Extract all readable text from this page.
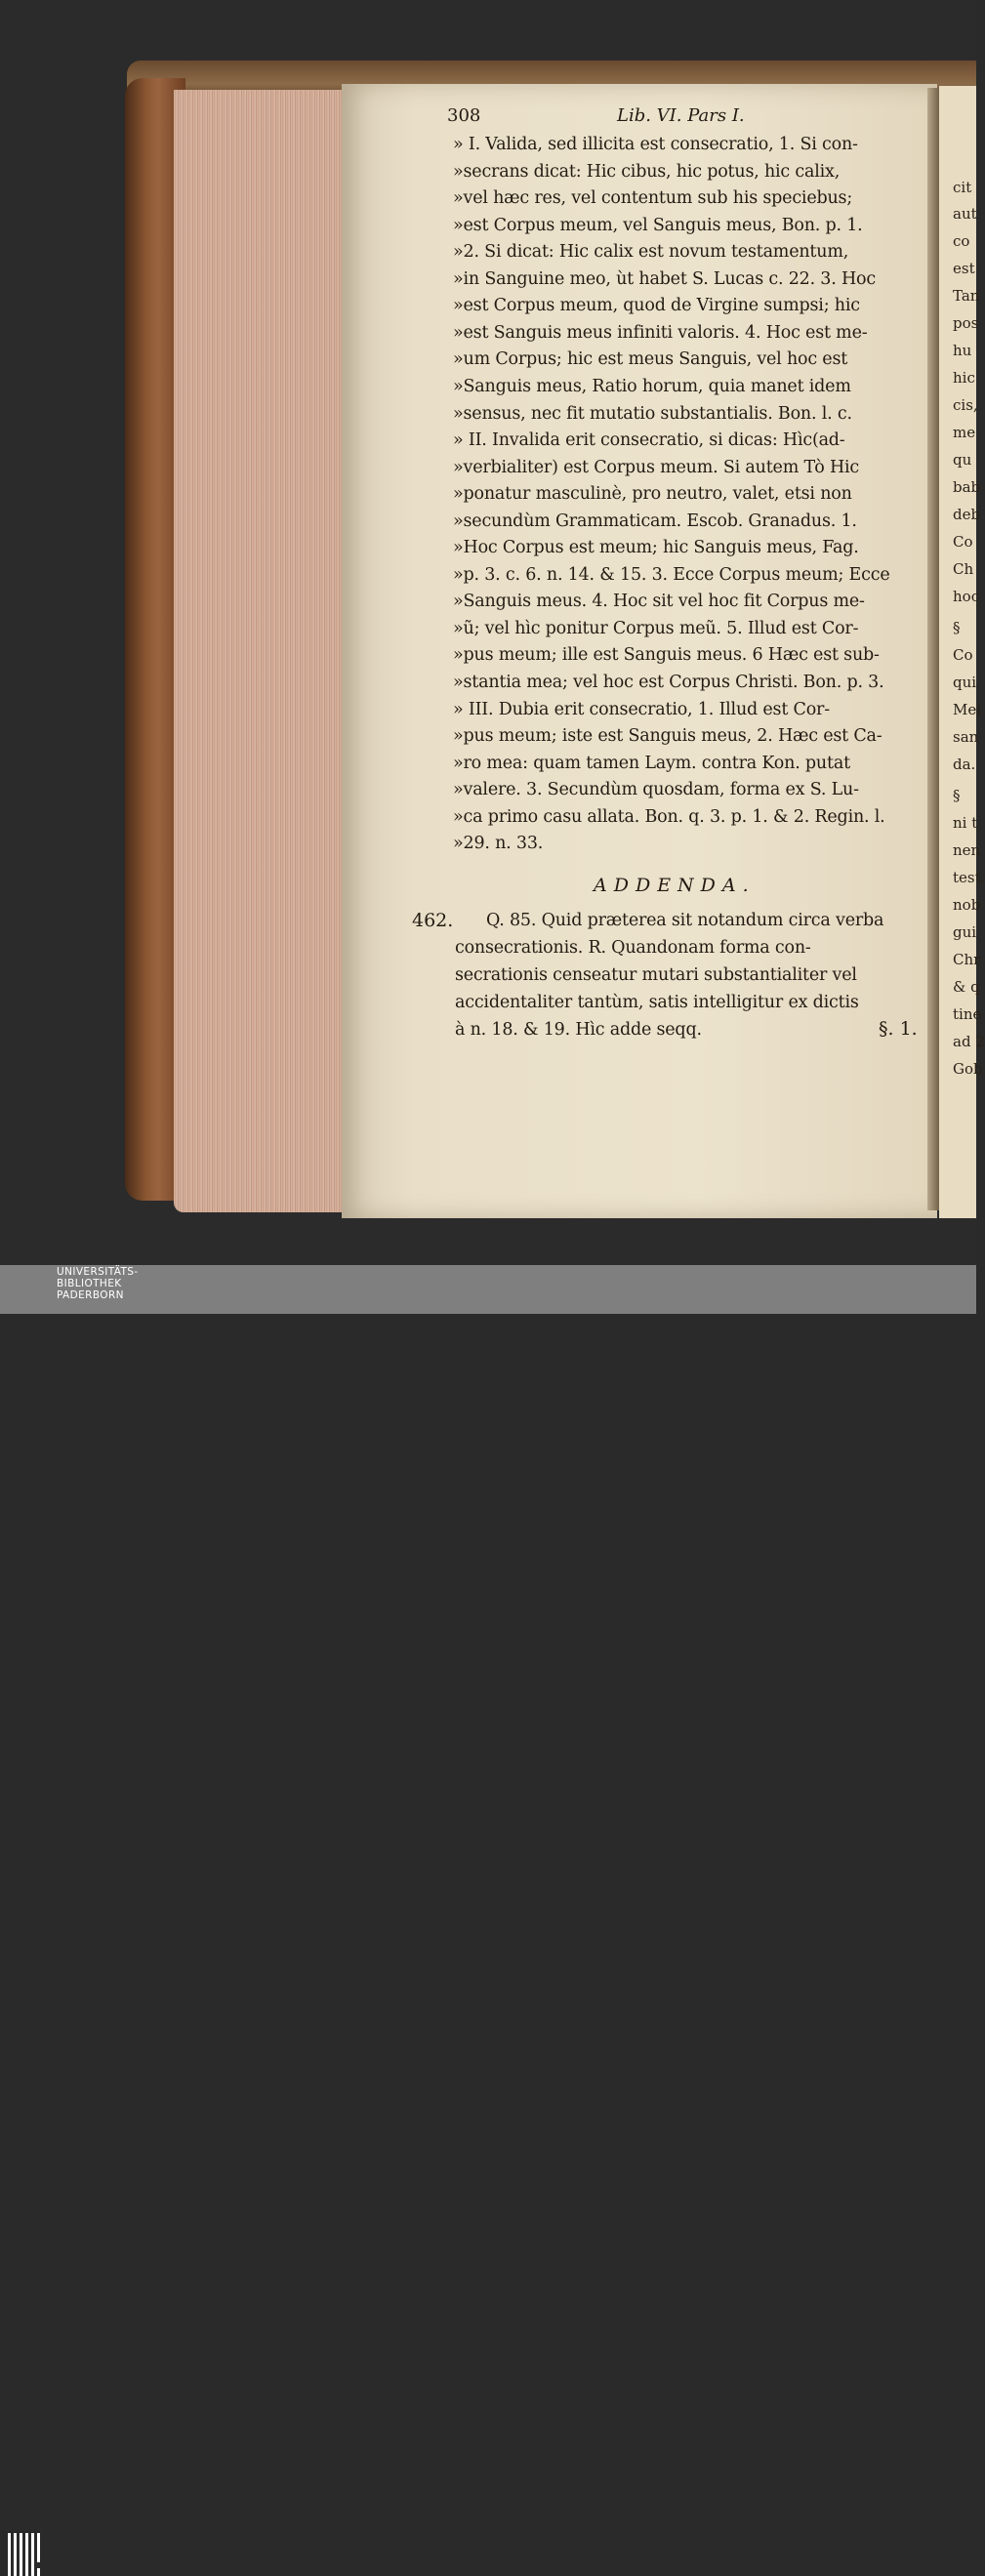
cit
aut
co
est
Tan
pos
hu
hic
cis,
me
qu
bab
deb
Co
Ch
hoc
§
Co
qui
Mei
san
da.
§
ni t
nen
test.
nob
gui
Chr
& q
tine
ad 2
Gob
308	Lib. VI. Pars I.
» I. Valida, sed illicita est consecratio, 1. Si con-
»secrans dicat: Hic cibus, hic potus, hic calix,
»vel hæc res, vel contentum sub his speciebus;
»est Corpus meum, vel Sanguis meus, Bon. p. 1.
»2. Si dicat: Hic calix est novum testamentum,
»in Sanguine meo, ùt habet S. Lucas c. 22. 3. Hoc
»est Corpus meum, quod de Virgine sumpsi; hic
»est Sanguis meus infiniti valoris. 4. Hoc est me-
»um Corpus; hic est meus Sanguis, vel hoc est
»Sanguis meus, Ratio horum, quia manet idem
»sensus, nec fit mutatio substantialis. Bon. l. c.
» II. Invalida erit consecratio, si dicas: Hìc(ad-
»verbialiter) est Corpus meum. Si autem Tò Hic
»ponatur masculinè, pro neutro, valet, etsi non
»secundùm Grammaticam. Escob. Granadus. 1.
»Hoc Corpus est meum; hic Sanguis meus, Fag.
»p. 3. c. 6. n. 14. & 15. 3. Ecce Corpus meum; Ecce
»Sanguis meus. 4. Hoc sit vel hoc fit Corpus me-
»ũ; vel hìc ponitur Corpus meũ. 5. Illud est Cor-
»pus meum; ille est Sanguis meus. 6 Hæc est sub-
»stantia mea; vel hoc est Corpus Christi. Bon. p. 3.
» III. Dubia erit consecratio, 1. Illud est Cor-
»pus meum; iste est Sanguis meus, 2. Hæc est Ca-
»ro mea: quam tamen Laym. contra Kon. putat
»valere. 3. Secundùm quosdam, forma ex S. Lu-
»ca primo casu allata. Bon. q. 3. p. 1. & 2. Regin. l.
»29. n. 33.
ADDENDA.
462. Q. 85. Quid præterea sit notandum circa verba
consecrationis. R. Quandonam forma con-
secrationis censeatur mutari substantialiter vel
accidentaliter tantùm, satis intelligitur ex dictis
à n. 18. & 19. Hìc adde seqq.	§. 1.
UNIVERSITÄTS-
BIBLIOTHEK
PADERBORN
